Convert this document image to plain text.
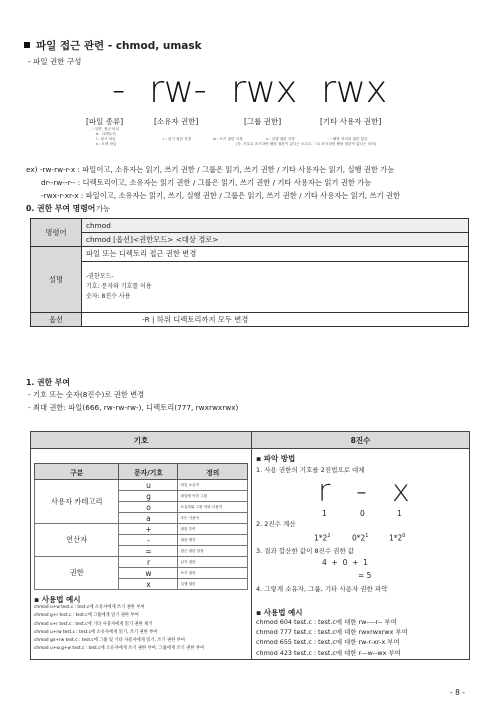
파일 접근 관련 - chmod, umask
- 파일 권한 구성
- rw- rwx rwx
[파일 종류]	[소유자 권한]	[그룹 권한]	[기타 사용자 권한]
- : 일반, 정규 파일
d : 디렉토리
l : 링크 파일
s : 소켓 파일
r : 읽기 권한 지정	w : 쓰기 권한 지정	x : 실행 권한 지정	- : 해당 자리의 권한 없음
(즉, 기호로 표시하면 해당 권한이 있다는 소리고, '-'로 표시하면 해당 권한이 없다는 의미)
ex) -rw-rw-r-x : 파일이고, 소유자는 읽기, 쓰기 권한 / 그룹은 읽기, 쓰기 권한 / 기타 사용자는 읽기, 실행 권한 가능
dr--rw--r-- : 디렉토리이고, 소유자는 읽기 권한 / 그룹은 읽기, 쓰기 권한 / 기타 사용자는 읽기 권한 가능
-rwx-r-xr-x : 파일이고, 소유자는 읽기, 쓰기, 실행 권한 / 그룹은 읽기, 쓰기 권한 / 기타 사용자는 읽기, 쓰기 권한
가능
0. 권한 부여 명령어
명령어	chmod
	chmod [옵션]<권한모드> <대상 경로>
설명	파일 또는 디렉토리 접근 권한 변경

	-권한모드-
기호: 문자와 기호를 이용
숫자: 8진수 사용

옵션	-R | 하위 디렉토리까지 모두 변경
1. 권한 부여
- 기호 또는 숫자(8진수)로 권한 변경
- 최대 권한: 파일(666, rw-rw-rw-), 디렉토리(777, rwxrwxrwx)
기호	8진수
구분	문자/기호	정의
사용자 카테고리	u	파일 소유자
	g	파일에 속한 그룹
	o	소유자와 그룹 이외 사용자
	a	모든 사용자
연산자	+	권한 부여
	-	권한 제거
	=	접근 권한 설정
권한	r	읽기 권한
	w	쓰기 권한
	x	실행 권한
▪ 사용법 예시
chmod u+w test.c : test.c에 소유자에게 쓰기 권한 부여
chmod g+r test.c : test.c에 그룹에게 읽기 권한 부여
chmod o+r test.c : test.c에 기타 사용자에게 읽기 권한 제거
chmod u+rw test.c : test.c에 소유자에게 읽기, 쓰기 권한 부여
chmod go+rw test.c : test.c에 그룹 및 기타 사용자에게 읽기, 쓰기 권한 부여
chmod u+w,g+w test.c : test.c에 소유자에게 쓰기 권한 부여, 그룹에게 쓰기 권한 부여
▪ 파악 방법
1. 사용 권한의 기호를 2진법으로 대체
r - x
1	0	1
2. 2진수 계산
$1*2^2$	$0*2^1$	$1*2^0$
3. 결과 합산한 값이 8진수 권한 값
4  +  0  +  1
= 5
4. 그렇게 소유자, 그룹, 기타 사용자 권한 파악
▪ 사용법 예시
chmod 604 test.c : test.c에 대한 rw----r-- 부여
chmod 777 test.c : test.c에 대한 rwxrwxrwx 부여
chmod 655 test.c : test.c에 대한 rw-r-xr-x 부여
chmod 423 test.c : test.c에 대한 r---w--wx 부여
- 8 -
